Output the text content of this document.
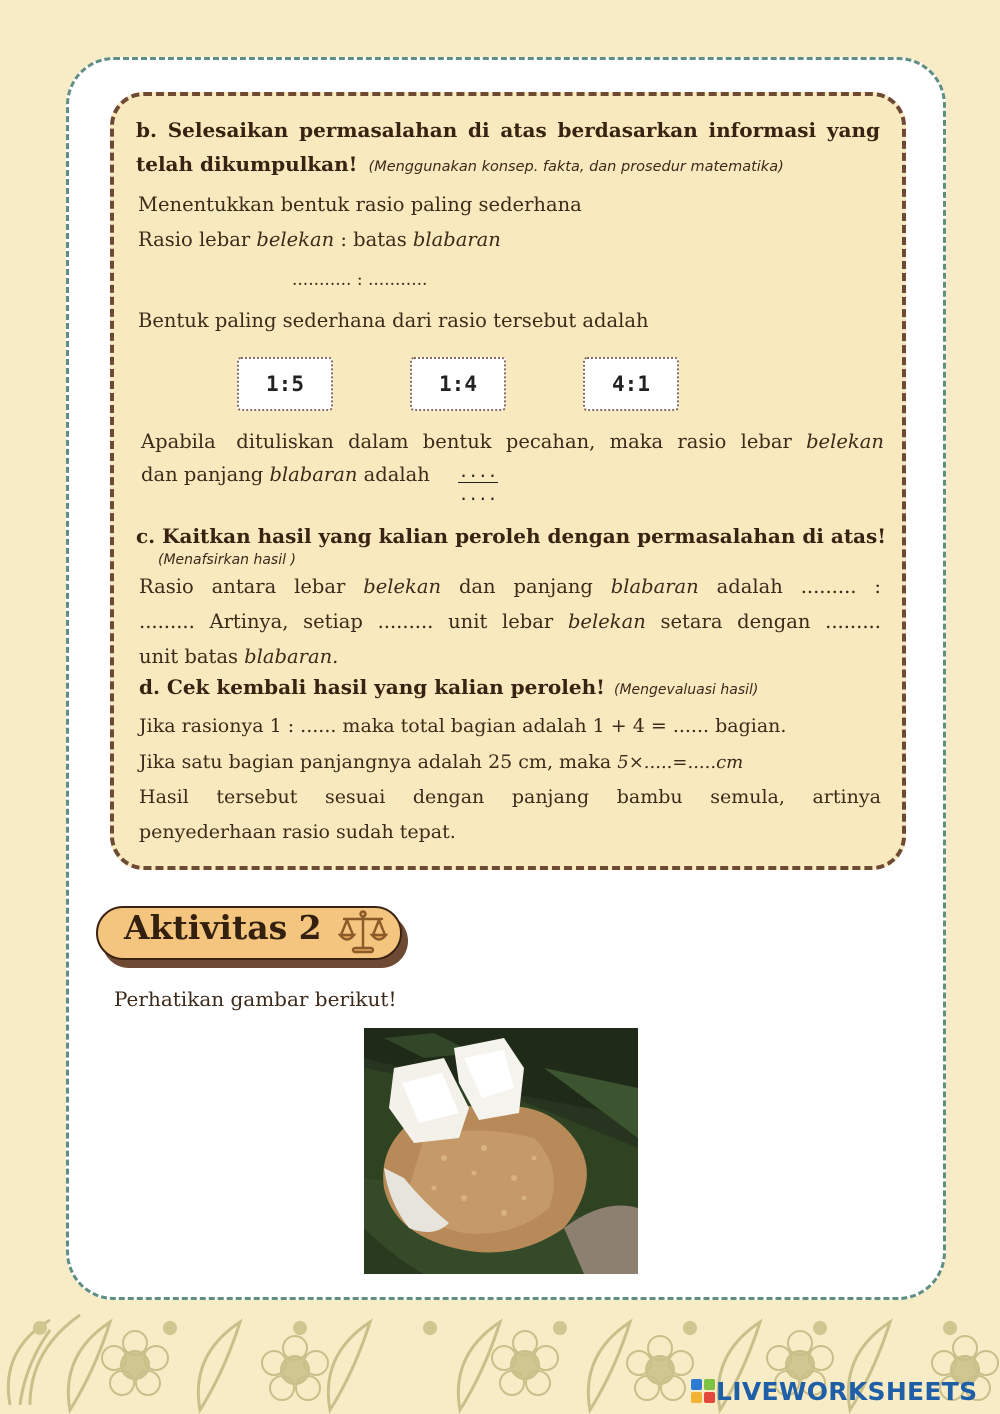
b. Selesaikan permasalahan di atas berdasarkan informasi yang
telah dikumpulkan! (Menggunakan konsep. fakta, dan prosedur matematika)
Menentukkan bentuk rasio paling sederhana
Rasio lebar belekan : batas blabaran
........... : ...........
Bentuk paling sederhana dari rasio tersebut adalah
1:5	1:4	4:1
Apabila dituliskan dalam bentuk pecahan, maka rasio lebar belekan
dan panjang blabaran adalah ....
....
c. Kaitkan hasil yang kalian peroleh dengan permasalahan di atas!
(Menafsirkan hasil )
Rasio antara lebar belekan dan panjang blabaran adalah ......... :
......... Artinya, setiap ......... unit lebar belekan setara dengan .........
unit batas blabaran.
d. Cek kembali hasil yang kalian peroleh! (Mengevaluasi hasil)
Jika rasionya 1 : ...... maka total bagian adalah 1 + 4 = ...... bagian.
Jika satu bagian panjangnya adalah 25 cm, maka 5×.....=.....cm
Hasil tersebut sesuai dengan panjang bambu semula, artinya
penyederhaan rasio sudah tepat.
Aktivitas 2
Perhatikan gambar berikut!
LIVEWORKSHEETS
